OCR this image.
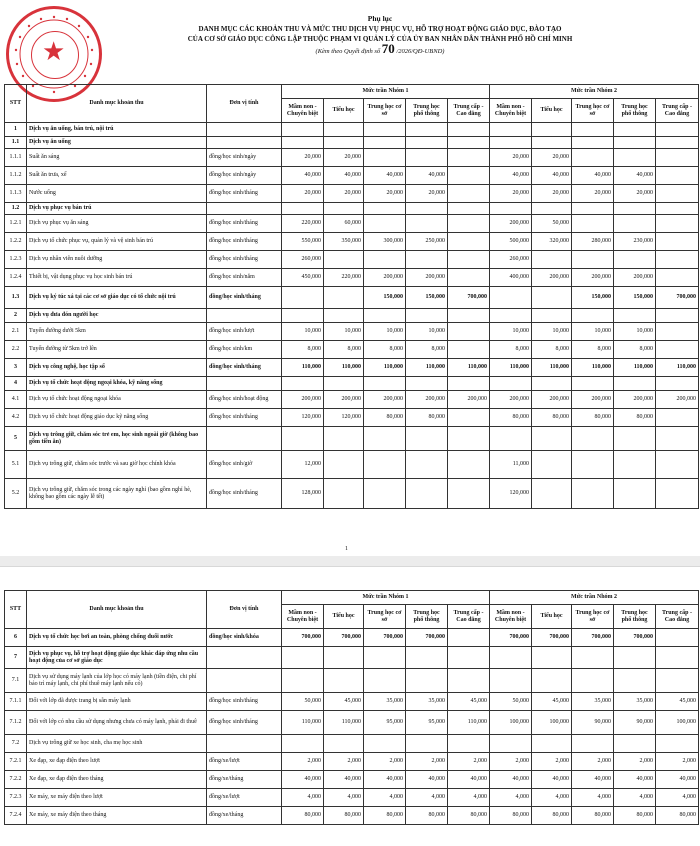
★
Phụ lục
DANH MỤC CÁC KHOẢN THU VÀ MỨC THU DỊCH VỤ PHỤC VỤ, HỖ TRỢ HOẠT ĐỘNG GIÁO DỤC, ĐÀO TẠO
CỦA CƠ SỞ GIÁO DỤC CÔNG LẬP THUỘC PHẠM VI QUẢN LÝ CỦA ỦY BAN NHÂN DÂN THÀNH PHỐ HỒ CHÍ MINH
(Kèm theo Quyết định số 70 /2026/QĐ-UBND)
STT	Danh mục khoản thu	Đơn vị tính	Mức trần Nhóm 1					Mức trần Nhóm 2				
			Mầm non - Chuyên biệt	Tiểu học	Trung học cơ sở	Trung học phổ thông	Trung cấp - Cao đẳng	Mầm non - Chuyên biệt	Tiểu học	Trung học cơ sở	Trung học phổ thông	Trung cấp - Cao đẳng
1	Dịch vụ ăn uống, bán trú, nội trú											
1.1	Dịch vụ ăn uống											
1.1.1	Suất ăn sáng	đồng/học sinh/ngày	20,000	20,000				20,000	20,000			
1.1.2	Suất ăn trưa, xế	đồng/học sinh/ngày	40,000	40,000	40,000	40,000		40,000	40,000	40,000	40,000	
1.1.3	Nước uống	đồng/học sinh/tháng	20,000	20,000	20,000	20,000		20,000	20,000	20,000	20,000	
1.2	Dịch vụ phục vụ bán trú											
1.2.1	Dịch vụ phục vụ ăn sáng	đồng/học sinh/tháng	220,000	60,000				200,000	50,000			
1.2.2	Dịch vụ tổ chức phục vụ, quản lý và vệ sinh bán trú	đồng/học sinh/tháng	550,000	350,000	300,000	250,000		500,000	320,000	280,000	230,000	
1.2.3	Dịch vụ nhân viên nuôi dưỡng	đồng/học sinh/tháng	260,000					260,000				
1.2.4	Thiết bị, vật dụng phục vụ học sinh bán trú	đồng/học sinh/năm	450,000	220,000	200,000	200,000		400,000	200,000	200,000	200,000	
1.3	Dịch vụ ký túc xá tại các cơ sở giáo dục có tổ chức nội trú	đồng/học sinh/tháng			150,000	150,000	700,000			150,000	150,000	700,000
2	Dịch vụ đưa đón người học											
2.1	Tuyến đường dưới 5km	đồng/học sinh/lượt	10,000	10,000	10,000	10,000		10,000	10,000	10,000	10,000	
2.2	Tuyến đường từ 5km trở lên	đồng/học sinh/km	8,000	8,000	8,000	8,000		8,000	8,000	8,000	8,000	
3	Dịch vụ công nghệ, học tập số	đồng/học sinh/tháng	110,000	110,000	110,000	110,000	110,000	110,000	110,000	110,000	110,000	110,000
4	Dịch vụ tổ chức hoạt động ngoại khóa, kỹ năng sống											
4.1	Dịch vụ tổ chức hoạt động ngoại khóa	đồng/học sinh/hoạt động	200,000	200,000	200,000	200,000	200,000	200,000	200,000	200,000	200,000	200,000
4.2	Dịch vụ tổ chức hoạt động giáo dục kỹ năng sống	đồng/học sinh/tháng	120,000	120,000	80,000	80,000		80,000	80,000	80,000	80,000	
5	Dịch vụ trông giữ, chăm sóc trẻ em, học sinh ngoài giờ (không bao gồm tiền ăn)											
5.1	Dịch vụ trông giữ, chăm sóc trước và sau giờ học chính khóa	đồng/học sinh/giờ	12,000					11,000				
5.2	Dịch vụ trông giữ, chăm sóc trong các ngày nghỉ (bao gồm nghỉ hè, không bao gồm các ngày lễ tết)	đồng/học sinh/tháng	128,000					120,000				
1
STT	Danh mục khoản thu	Đơn vị tính	Mức trần Nhóm 1					Mức trần Nhóm 2				
			Mầm non - Chuyên biệt	Tiểu học	Trung học cơ sở	Trung học phổ thông	Trung cấp - Cao đẳng	Mầm non - Chuyên biệt	Tiểu học	Trung học cơ sở	Trung học phổ thông	Trung cấp - Cao đẳng
6	Dịch vụ tổ chức học bơi an toàn, phòng chống đuối nước	đồng/học sinh/khóa	700,000	700,000	700,000	700,000		700,000	700,000	700,000	700,000	
7	Dịch vụ phục vụ, hỗ trợ hoạt động giáo dục khác đáp ứng nhu cầu hoạt động của cơ sở giáo dục											
7.1	Dịch vụ sử dụng máy lạnh của lớp học có máy lạnh (tiền điện, chi phí bảo trì máy lạnh, chi phí thuê máy lạnh nếu có)											
7.1.1	Đối với lớp đã được trang bị sẵn máy lạnh	đồng/học sinh/tháng	50,000	45,000	35,000	35,000	45,000	50,000	45,000	35,000	35,000	45,000
7.1.2	Đối với lớp có nhu cầu sử dụng nhưng chưa có máy lạnh, phải đi thuê	đồng/học sinh/tháng	110,000	110,000	95,000	95,000	110,000	100,000	100,000	90,000	90,000	100,000
7.2	Dịch vụ trông giữ xe học sinh, cha mẹ học sinh											
7.2.1	Xe đạp, xe đạp điện theo lượt	đồng/xe/lượt	2,000	2,000	2,000	2,000	2,000	2,000	2,000	2,000	2,000	2,000
7.2.2	Xe đạp, xe đạp điện theo tháng	đồng/xe/tháng	40,000	40,000	40,000	40,000	40,000	40,000	40,000	40,000	40,000	40,000
7.2.3	Xe máy, xe máy điện theo lượt	đồng/xe/lượt	4,000	4,000	4,000	4,000	4,000	4,000	4,000	4,000	4,000	4,000
7.2.4	Xe máy, xe máy điện theo tháng	đồng/xe/tháng	80,000	80,000	80,000	80,000	80,000	80,000	80,000	80,000	80,000	80,000
